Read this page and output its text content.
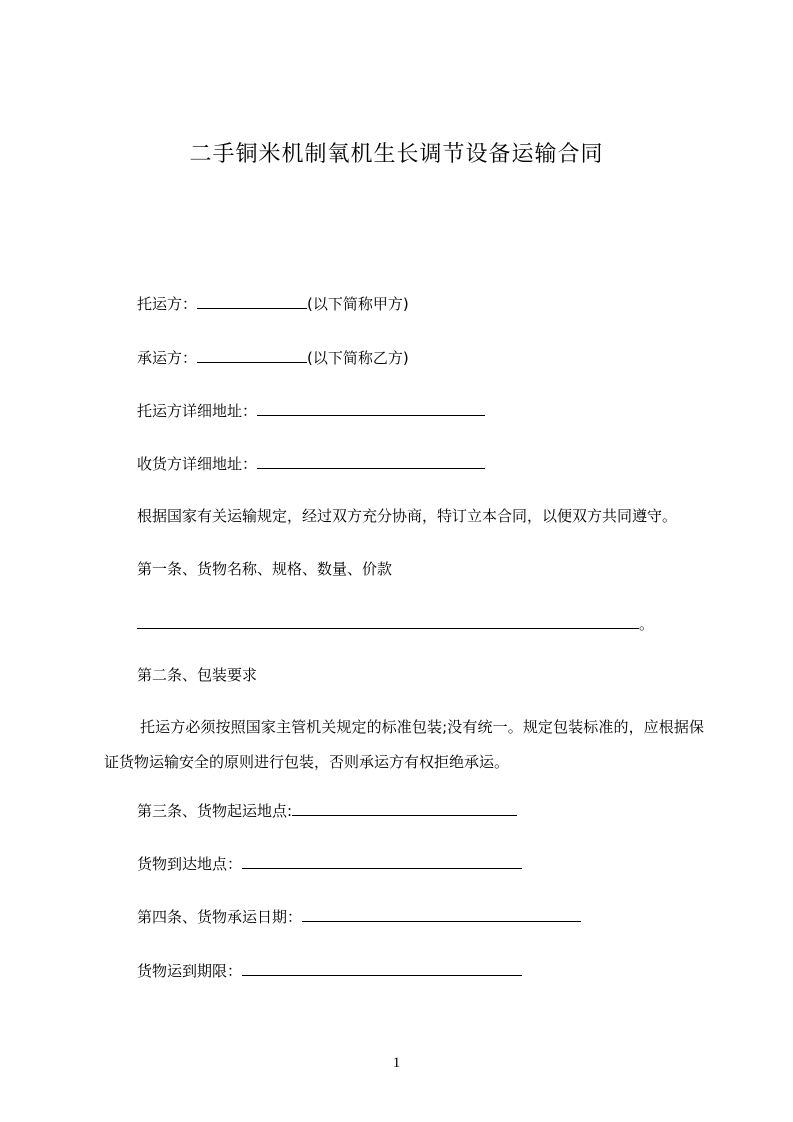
二手铜米机制氧机生长调节设备运输合同
托运方：	(以下简称甲方)
承运方：	(以下简称乙方)
托运方详细地址：
收货方详细地址：
根据国家有关运输规定，经过双方充分协商，特订立本合同，以便双方共同遵守。
第一条、货物名称、规格、数量、价款
。
第二条、包装要求
托运方必须按照国家主管机关规定的标准包装;没有统一。规定包装标准的，应根据保证货物运输安全的原则进行包装，否则承运方有权拒绝承运。
第三条、货物起运地点:
货物到达地点：
第四条、货物承运日期：
货物运到期限：
1
